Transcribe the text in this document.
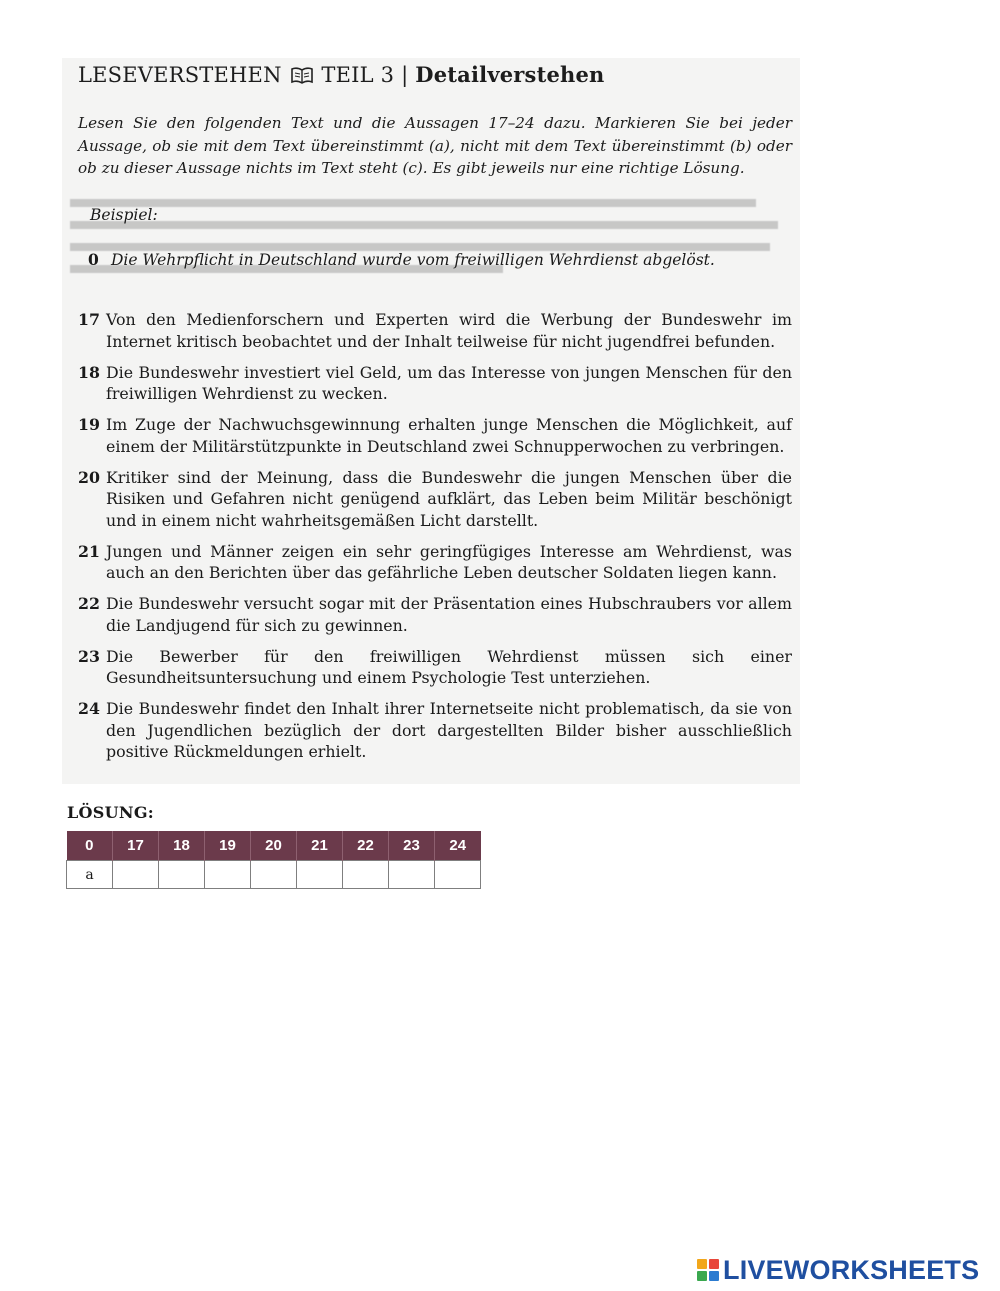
LESEVERSTEHEN TEIL 3 | Detailverstehen
Lesen Sie den folgenden Text und die Aussagen 17–24 dazu. Markieren Sie bei jeder Aussage, ob sie mit dem Text übereinstimmt (a), nicht mit dem Text übereinstimmt (b) oder ob zu dieser Aussage nichts im Text steht (c). Es gibt jeweils nur eine richtige Lösung.
Beispiel:
0 Die Wehrpflicht in Deutschland wurde vom freiwilligen Wehrdienst abgelöst.
17 Von den Medienforschern und Experten wird die Werbung der Bundeswehr im Internet kritisch beobachtet und der Inhalt teilweise für nicht jugendfrei befunden.
18 Die Bundeswehr investiert viel Geld, um das Interesse von jungen Menschen für den freiwilligen Wehrdienst zu wecken.
19 Im Zuge der Nachwuchsgewinnung erhalten junge Menschen die Möglichkeit, auf einem der Militärstützpunkte in Deutschland zwei Schnupperwochen zu verbringen.
20 Kritiker sind der Meinung, dass die Bundeswehr die jungen Menschen über die Risiken und Gefahren nicht genügend aufklärt, das Leben beim Militär beschönigt und in einem nicht wahrheitsgemäßen Licht darstellt.
21 Jungen und Männer zeigen ein sehr geringfügiges Interesse am Wehrdienst, was auch an den Berichten über das gefährliche Leben deutscher Soldaten liegen kann.
22 Die Bundeswehr versucht sogar mit der Präsentation eines Hubschraubers vor allem die Landjugend für sich zu gewinnen.
23 Die Bewerber für den freiwilligen Wehrdienst müssen sich einer Gesundheitsuntersuchung und einem Psychologie Test unterziehen.
24 Die Bundeswehr findet den Inhalt ihrer Internetseite nicht problematisch, da sie von den Jugendlichen bezüglich der dort dargestellten Bilder bisher ausschließlich positive Rückmeldungen erhielt.
LÖSUNG:
0	17	18	19	20	21	22	23	24
a								
LIVEWORKSHEETS
